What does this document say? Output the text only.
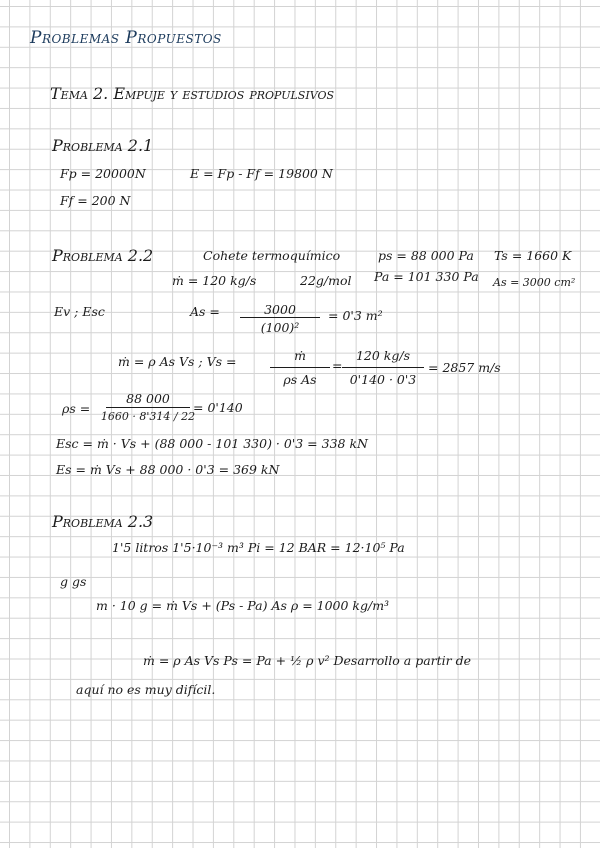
Problemas Propuestos
Tema 2. Empuje y estudios propulsivos
Problema 2.1
Fp = 20000N	E = Fp - Ff = 19800 N
Ff = 200 N
Problema 2.2	Cohete termoquímico	ps = 88 000 Pa Ts = 1660 K
ṁ = 120 kg/s	22g/mol Pa = 101 330 Pa As = 3000 cm²
Ev ; Esc	As =	3000
(100)²
= 0'3 m²
ṁ = ρ As Vs ; Vs =	ṁ
ρs As
=
120 kg/s
0'140 · 0'3
= 2857 m/s
ρs =
88 000
1660 · 8'314 / 22
= 0'140
Esc = ṁ · Vs + (88 000 - 101 330) · 0'3 = 338 kN
Es = ṁ Vs + 88 000 · 0'3 = 369 kN
Problema 2.3
1'5 litros 1'5·10⁻³ m³ Pi = 12 BAR = 12·10⁵ Pa
g gs
m · 10 g = ṁ Vs + (Ps - Pa) As ρ = 1000 kg/m³
ṁ = ρ As Vs Ps = Pa + ½ ρ v² Desarrollo a partir de
aquí no es muy difícil.
